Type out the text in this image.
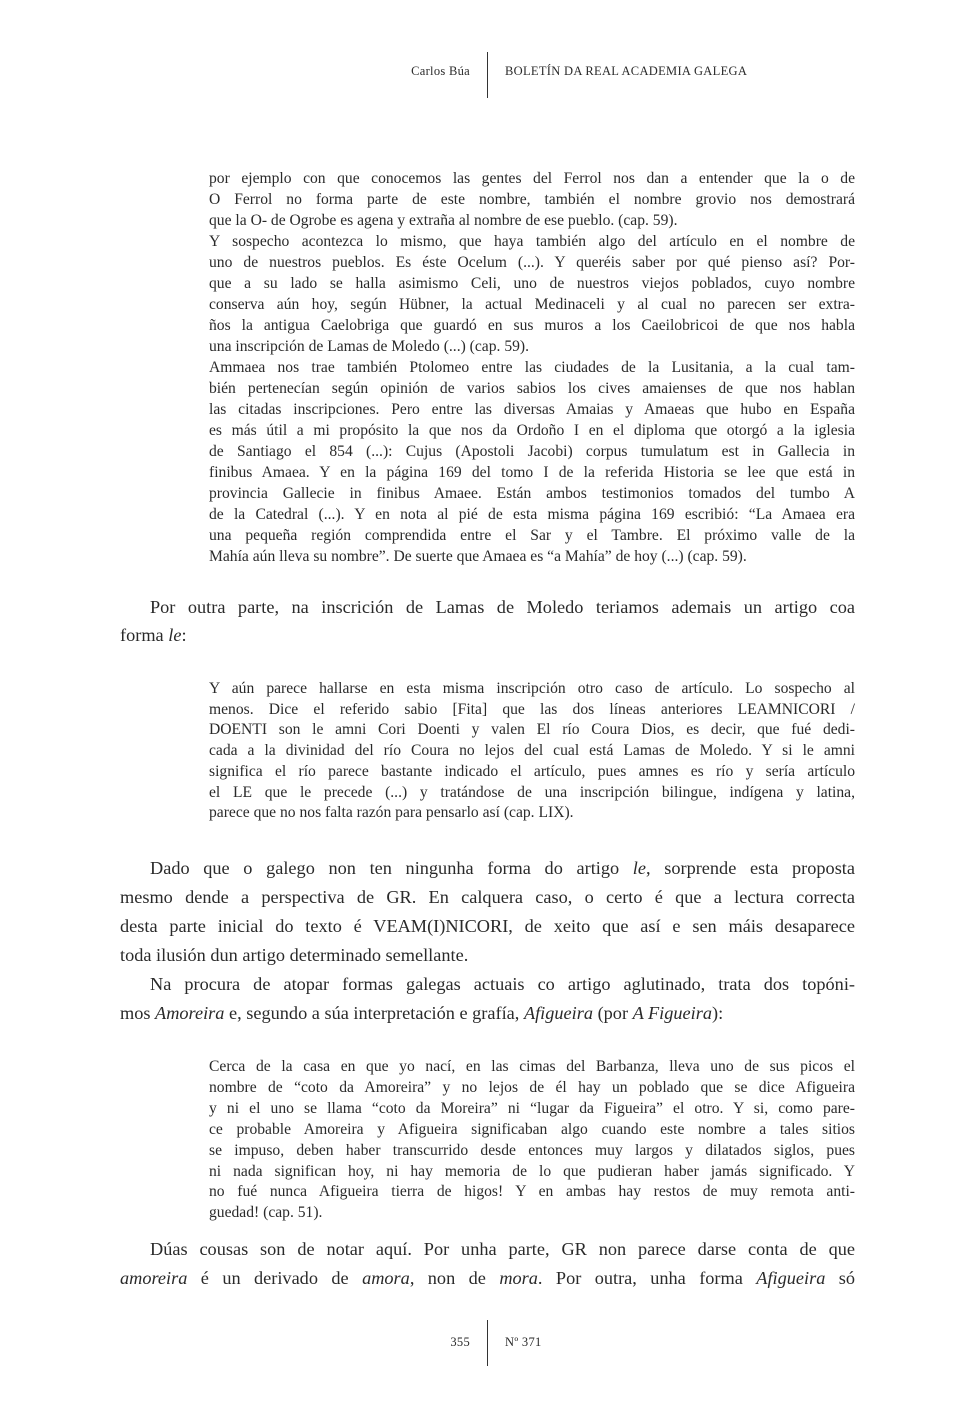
Carlos Búa	BOLETÍN DA REAL ACADEMIA GALEGA
por ejemplo con que conocemos las gentes del Ferrol nos dan a entender que la o de
O Ferrol no forma parte de este nombre, también el nombre grovio nos demostrará
que la O- de Ogrobe es agena y extraña al nombre de ese pueblo. (cap. 59).
Y sospecho acontezca lo mismo, que haya también algo del artículo en el nombre de
uno de nuestros pueblos. Es éste Ocelum (...). Y queréis saber por qué pienso así? Por-
que a su lado se halla asimismo Celi, uno de nuestros viejos poblados, cuyo nombre
conserva aún hoy, según Hübner, la actual Medinaceli y al cual no parecen ser extra-
ños la antigua Caelobriga que guardó en sus muros a los Caeilobricoi de que nos habla
una inscripción de Lamas de Moledo (...) (cap. 59).
Ammaea nos trae también Ptolomeo entre las ciudades de la Lusitania, a la cual tam-
bién pertenecían según opinión de varios sabios los cives amaienses de que nos hablan
las citadas inscripciones. Pero entre las diversas Amaias y Amaeas que hubo en España
es más útil a mi propósito la que nos da Ordoño I en el diploma que otorgó a la iglesia
de Santiago el 854 (...): Cujus (Apostoli Jacobi) corpus tumulatum est in Gallecia in
finibus Amaea. Y en la página 169 del tomo I de la referida Historia se lee que está in
provincia Gallecie in finibus Amaee. Están ambos testimonios tomados del tumbo A
de la Catedral (...). Y en nota al pié de esta misma página 169 escribió: “La Amaea era
una pequeña región comprendida entre el Sar y el Tambre. El próximo valle de la
Mahía aún lleva su nombre”. De suerte que Amaea es “a Mahía” de hoy (...) (cap. 59).
Por outra parte, na inscrición de Lamas de Moledo teriamos ademais un artigo coa
forma le:
Y aún parece hallarse en esta misma inscripción otro caso de artículo. Lo sospecho al
menos. Dice el referido sabio [Fita] que las dos líneas anteriores LEAMNICORI /
DOENTI son le amni Cori Doenti y valen El río Coura Dios, es decir, que fué dedi-
cada a la divinidad del río Coura no lejos del cual está Lamas de Moledo. Y si le amni
significa el río parece bastante indicado el artículo, pues amnes es río y sería artículo
el LE que le precede (...) y tratándose de una inscripción bilingue, indígena y latina,
parece que no nos falta razón para pensarlo así (cap. LIX).
Dado que o galego non ten ningunha forma do artigo le, sorprende esta proposta
mesmo dende a perspectiva de GR. En calquera caso, o certo é que a lectura correcta
desta parte inicial do texto é VEAM(I)NICORI, de xeito que así e sen máis desaparece
toda ilusión dun artigo determinado semellante.
Na procura de atopar formas galegas actuais co artigo aglutinado, trata dos topóni-
mos Amoreira e, segundo a súa interpretación e grafía, Afigueira (por A Figueira):
Cerca de la casa en que yo nací, en las cimas del Barbanza, lleva uno de sus picos el
nombre de “coto da Amoreira” y no lejos de él hay un poblado que se dice Afigueira
y ni el uno se llama “coto da Moreira” ni “lugar da Figueira” el otro. Y si, como pare-
ce probable Amoreira y Afigueira significaban algo cuando este nombre a tales sitios
se impuso, deben haber transcurrido desde entonces muy largos y dilatados siglos, pues
ni nada significan hoy, ni hay memoria de lo que pudieran haber jamás significado. Y
no fué nunca Afigueira tierra de higos! Y en ambas hay restos de muy remota anti-
guedad! (cap. 51).
Dúas cousas son de notar aquí. Por unha parte, GR non parece darse conta de que
amoreira é un derivado de amora, non de mora. Por outra, unha forma Afigueira só
355	Nº 371
